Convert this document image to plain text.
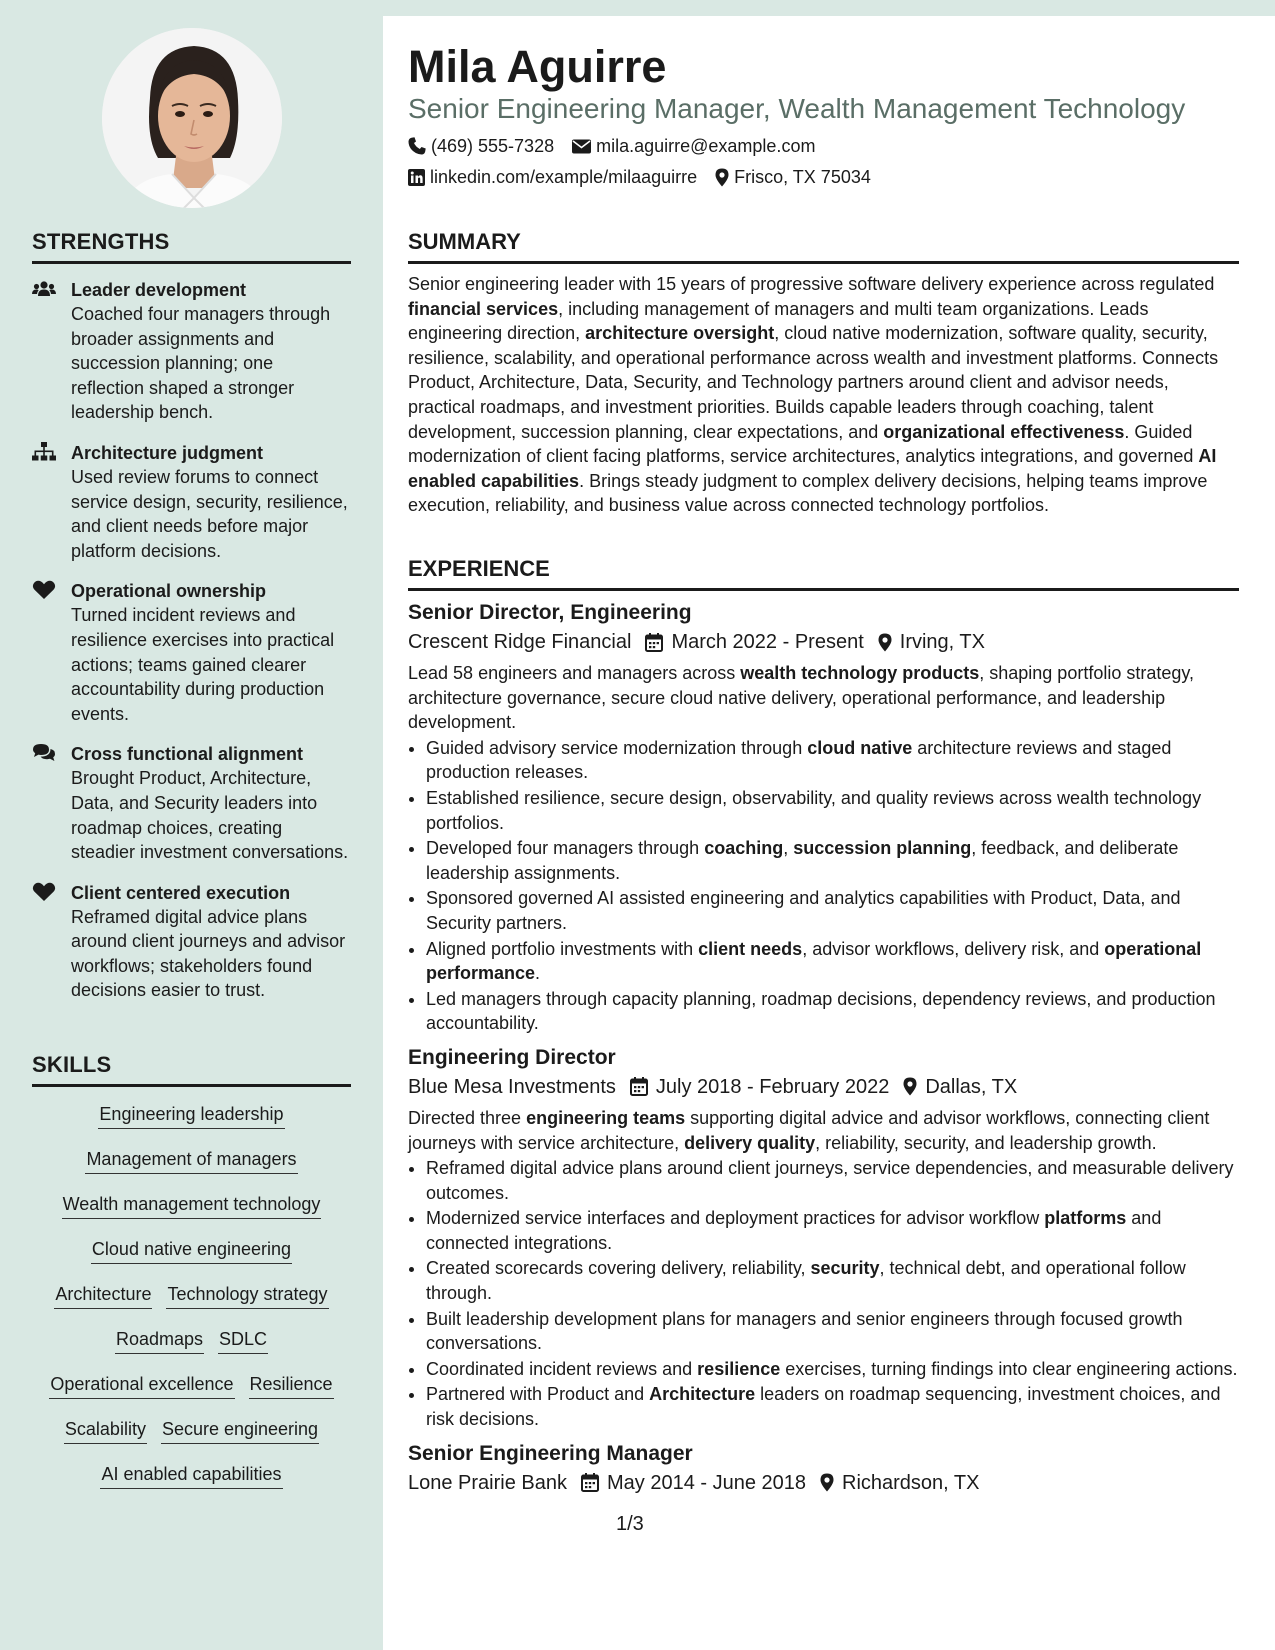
STRENGTHS
Leader development
Coached four managers through broader assignments and succession planning; one reflection shaped a stronger leadership bench.
Architecture judgment
Used review forums to connect service design, security, resilience, and client needs before major platform decisions.
Operational ownership
Turned incident reviews and resilience exercises into practical actions; teams gained clearer accountability during production events.
Cross functional alignment
Brought Product, Architecture, Data, and Security leaders into roadmap choices, creating steadier investment conversations.
Client centered execution
Reframed digital advice plans around client journeys and advisor workflows; stakeholders found decisions easier to trust.
SKILLS
Engineering leadership
Management of managers
Wealth management technology
Cloud native engineering
Architecture Technology strategy
Roadmaps SDLC
Operational excellence Resilience
Scalability Secure engineering
AI enabled capabilities
Mila Aguirre
Senior Engineering Manager, Wealth Management Technology
(469) 555-7328 mila.aguirre@example.com
linkedin.com/example/milaaguirre Frisco, TX 75034
SUMMARY
Senior engineering leader with 15 years of progressive software delivery experience across regulated financial services, including management of managers and multi team organizations. Leads engineering direction, architecture oversight, cloud native modernization, software quality, security, resilience, scalability, and operational performance across wealth and investment platforms. Connects Product, Architecture, Data, Security, and Technology partners around client and advisor needs, practical roadmaps, and investment priorities. Builds capable leaders through coaching, talent development, succession planning, clear expectations, and organizational effectiveness. Guided modernization of client facing platforms, service architectures, analytics integrations, and governed AI enabled capabilities. Brings steady judgment to complex delivery decisions, helping teams improve execution, reliability, and business value across connected technology portfolios.
EXPERIENCE
Senior Director, Engineering
Crescent Ridge Financial March 2022 - Present Irving, TX
Lead 58 engineers and managers across wealth technology products, shaping portfolio strategy, architecture governance, secure cloud native delivery, operational performance, and leadership development.
• Guided advisory service modernization through cloud native architecture reviews and staged production releases.
• Established resilience, secure design, observability, and quality reviews across wealth technology portfolios.
• Developed four managers through coaching, succession planning, feedback, and deliberate leadership assignments.
• Sponsored governed AI assisted engineering and analytics capabilities with Product, Data, and Security partners.
• Aligned portfolio investments with client needs, advisor workflows, delivery risk, and operational performance.
• Led managers through capacity planning, roadmap decisions, dependency reviews, and production accountability.
Engineering Director
Blue Mesa Investments July 2018 - February 2022 Dallas, TX
Directed three engineering teams supporting digital advice and advisor workflows, connecting client journeys with service architecture, delivery quality, reliability, security, and leadership growth.
• Reframed digital advice plans around client journeys, service dependencies, and measurable delivery outcomes.
• Modernized service interfaces and deployment practices for advisor workflow platforms and connected integrations.
• Created scorecards covering delivery, reliability, security, technical debt, and operational follow through.
• Built leadership development plans for managers and senior engineers through focused growth conversations.
• Coordinated incident reviews and resilience exercises, turning findings into clear engineering actions.
• Partnered with Product and Architecture leaders on roadmap sequencing, investment choices, and risk decisions.
Senior Engineering Manager
Lone Prairie Bank May 2014 - June 2018 Richardson, TX
1/3
